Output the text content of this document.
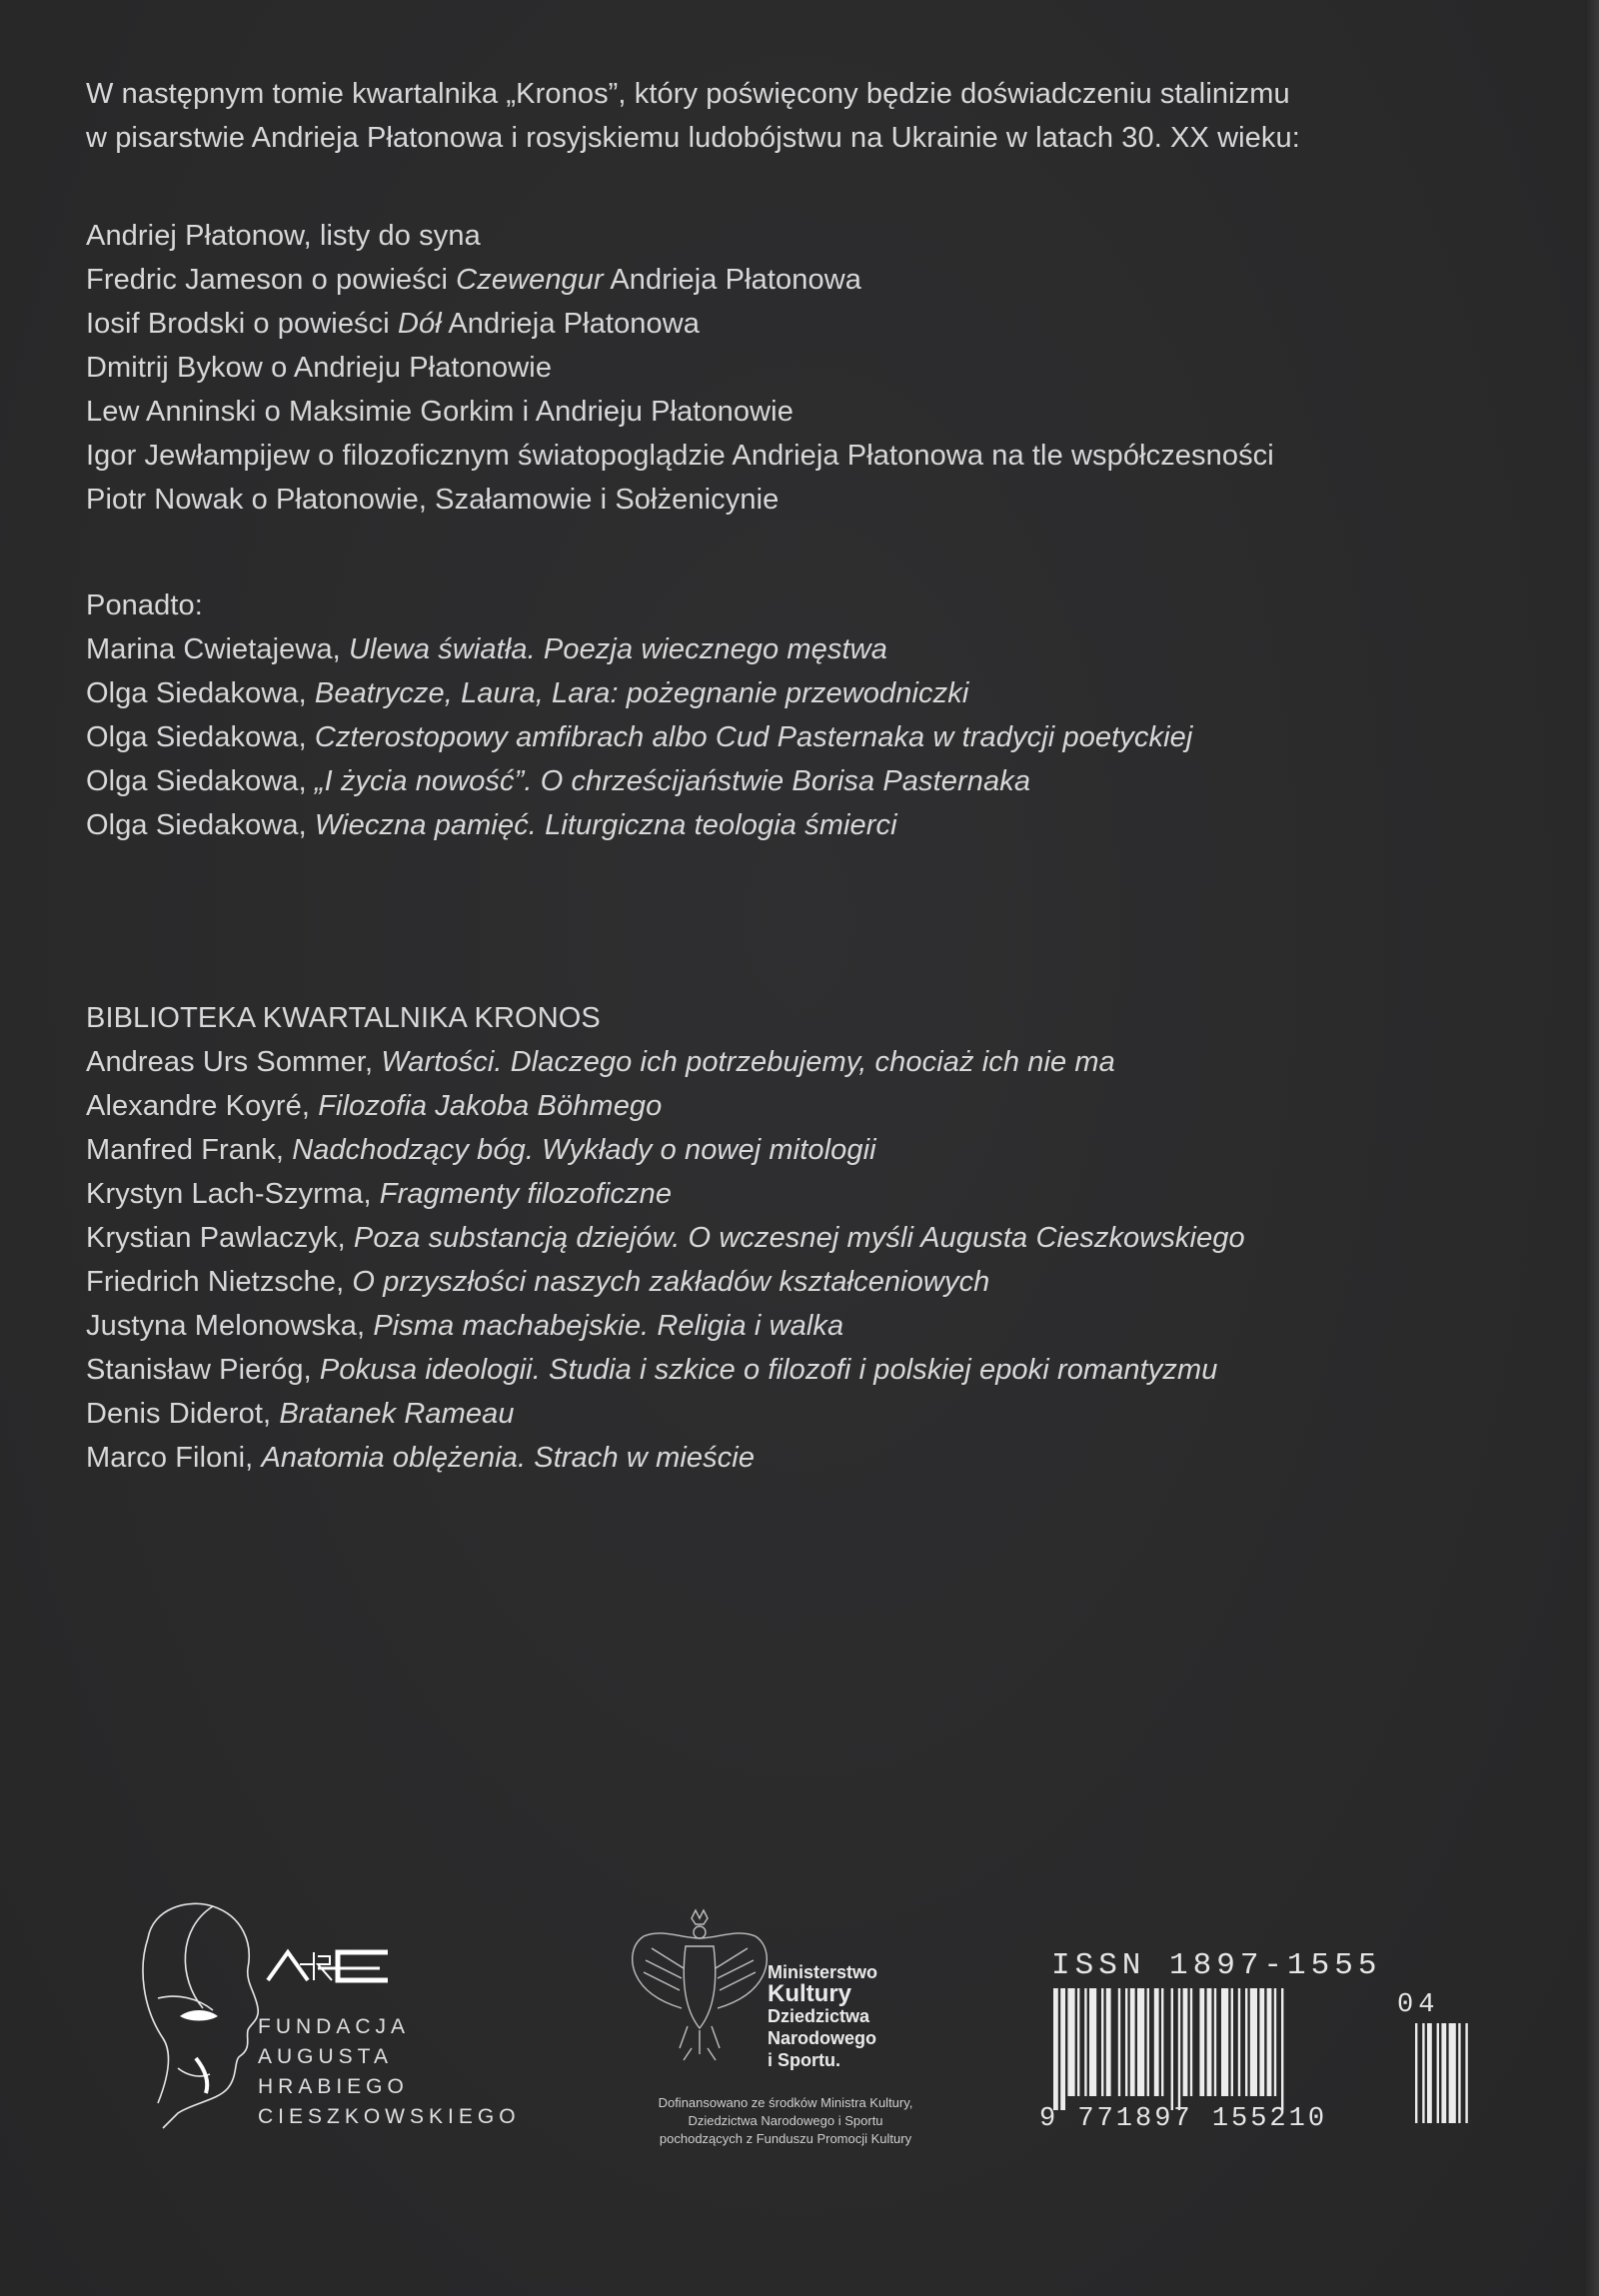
W następnym tomie kwartalnika „Kronos”, który poświęcony będzie doświadczeniu stalinizmu
w pisarstwie Andrieja Płatonowa i rosyjskiemu ludobójstwu na Ukrainie w latach 30. XX wieku:
Andriej Płatonow, listy do syna
Fredric Jameson o powieści Czewengur Andrieja Płatonowa
Iosif Brodski o powieści Dół Andrieja Płatonowa
Dmitrij Bykow o Andrieju Płatonowie
Lew Anninski o Maksimie Gorkim i Andrieju Płatonowie
Igor Jewłampijew o filozoficznym światopoglądzie Andrieja Płatonowa na tle współczesności
Piotr Nowak o Płatonowie, Szałamowie i Sołżenicynie
Ponadto:
Marina Cwietajewa, Ulewa światła. Poezja wiecznego męstwa
Olga Siedakowa, Beatrycze, Laura, Lara: pożegnanie przewodniczki
Olga Siedakowa, Czterostopowy amfibrach albo Cud Pasternaka w tradycji poetyckiej
Olga Siedakowa, „I życia nowość”. O chrześcijaństwie Borisa Pasternaka
Olga Siedakowa, Wieczna pamięć. Liturgiczna teologia śmierci
BIBLIOTEKA KWARTALNIKA KRONOS
Andreas Urs Sommer, Wartości. Dlaczego ich potrzebujemy, chociaż ich nie ma
Alexandre Koyré, Filozofia Jakoba Böhmego
Manfred Frank, Nadchodzący bóg. Wykłady o nowej mitologii
Krystyn Lach-Szyrma, Fragmenty filozoficzne
Krystian Pawlaczyk, Poza substancją dziejów. O wczesnej myśli Augusta Cieszkowskiego
Friedrich Nietzsche, O przyszłości naszych zakładów kształceniowych
Justyna Melonowska, Pisma machabejskie. Religia i walka
Stanisław Pieróg, Pokusa ideologii. Studia i szkice o filozofi i polskiej epoki romantyzmu
Denis Diderot, Bratanek Rameau
Marco Filoni, Anatomia oblężenia. Strach w mieście
FUNDACJA
AUGUSTA
HRABIEGO
CIESZKOWSKIEGO
Ministerstwo
Kultury
Dziedzictwa
Narodowego
i Sportu.
Dofinansowano ze środków Ministra Kultury,
Dziedzictwa Narodowego i Sportu
pochodzących z Funduszu Promocji Kultury
ISSN 1897-1555
04
9 771897 155210
